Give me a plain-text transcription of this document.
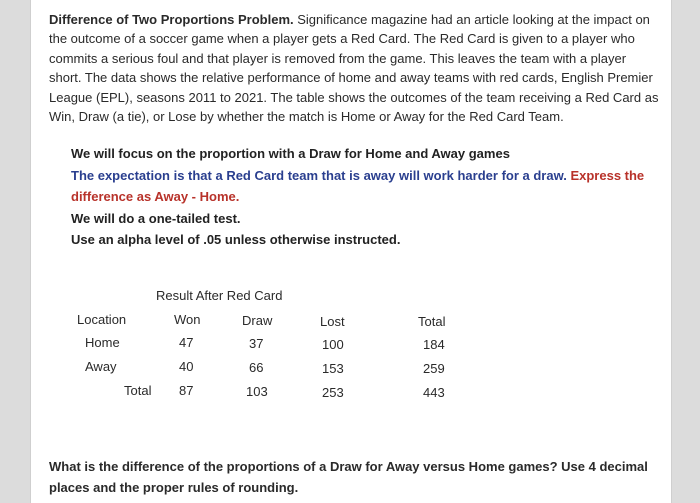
Difference of Two Proportions Problem. Significance magazine had an article looking at the impact on the outcome of a soccer game when a player gets a Red Card. The Red Card is given to a player who commits a serious foul and that player is removed from the game. This leaves the team with a player short. The data shows the relative performance of home and away teams with red cards, English Premier League (EPL), seasons 2011 to 2021. The table shows the outcomes of the team receiving a Red Card as Win, Draw (a tie), or Lose by whether the match is Home or Away for the Red Card Team.
We will focus on the proportion with a Draw for Home and Away games
The expectation is that a Red Card team that is away will work harder for a draw. Express the difference as Away - Home.
We will do a one-tailed test.
Use an alpha level of .05 unless otherwise instructed.
Result After Red Card
Location	Won	Draw	Lost	Total
Home	47	37	100	184
Away	40	66	153	259
Total 87	103	253	443
What is the difference of the proportions of a Draw for Away versus Home games? Use 4 decimal places and the proper rules of rounding.
